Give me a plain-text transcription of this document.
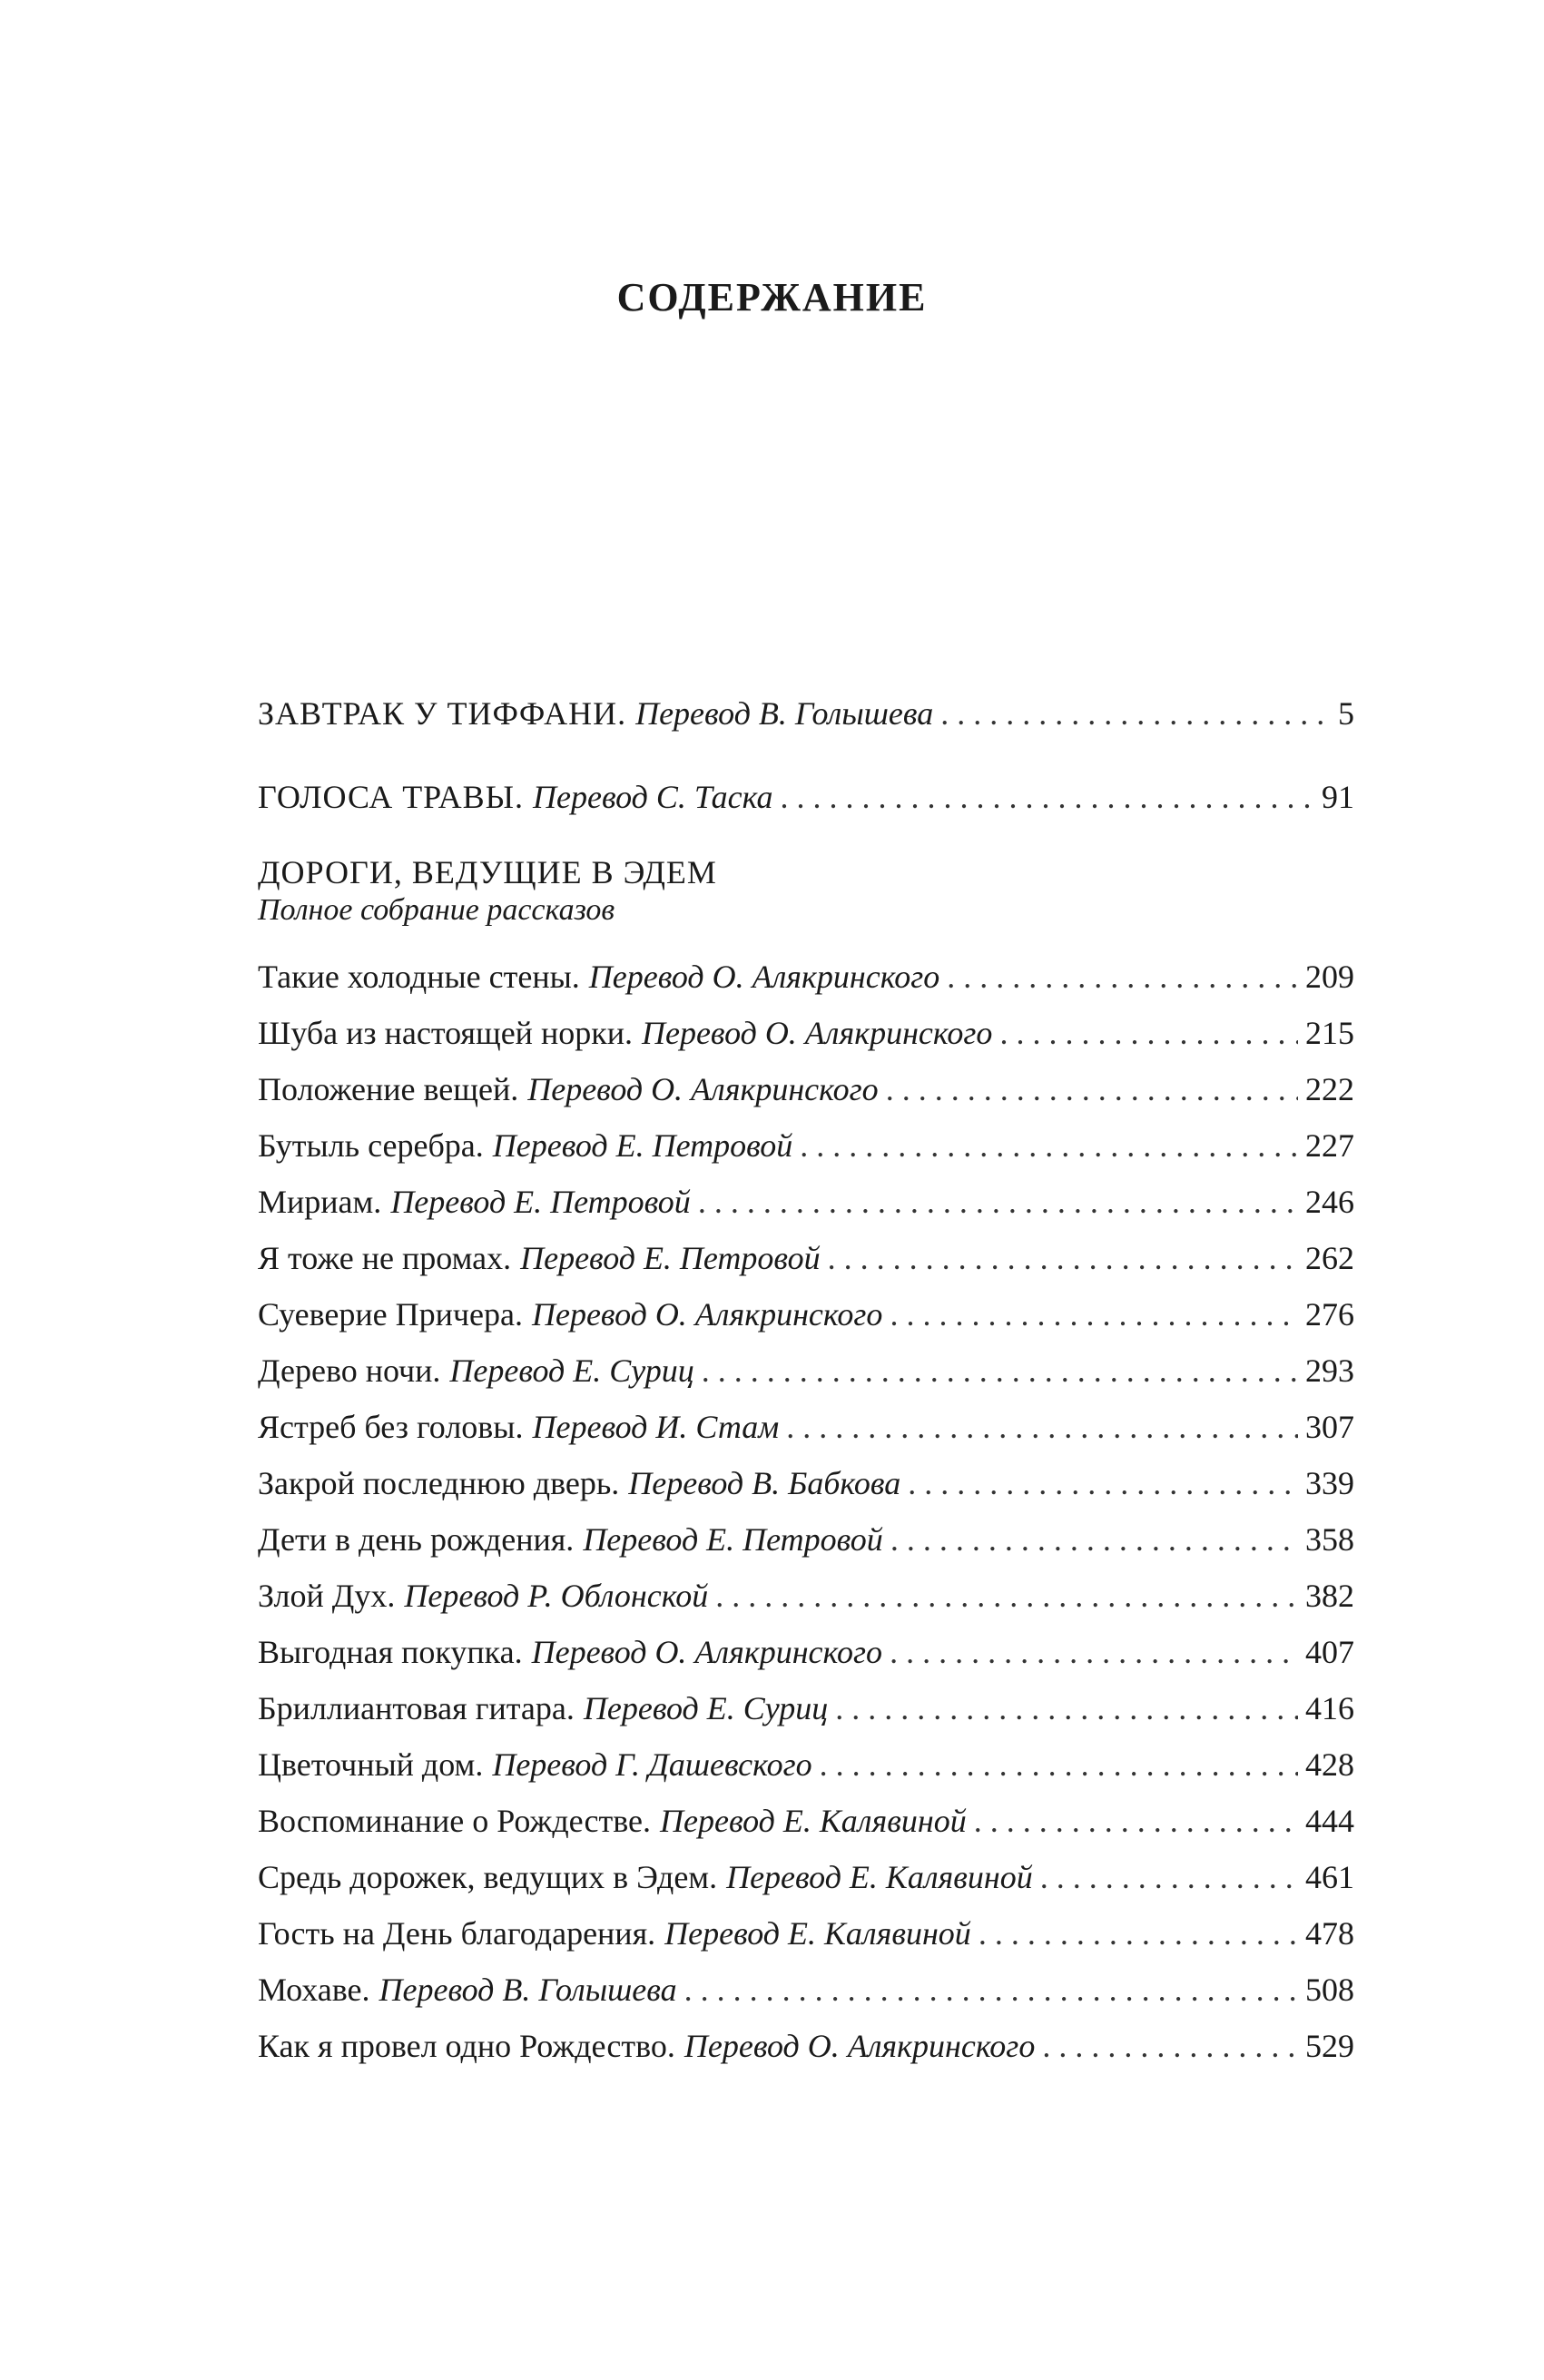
СОДЕРЖАНИЕ
ЗАВТРАК У ТИФФАНИ. Перевод В. Голышева . . .	5
ГОЛОСА ТРАВЫ. Перевод С. Таска . . .	91
ДОРОГИ, ВЕДУЩИЕ В ЭДЕМ
Полное собрание рассказов
Такие холодные стены. Перевод О. Алякринского . . .	209
Шуба из настоящей норки. Перевод О. Алякринского . . .	215
Положение вещей. Перевод О. Алякринского . . .	222
Бутыль серебра. Перевод Е. Петровой . . .	227
Мириам. Перевод Е. Петровой . . .	246
Я тоже не промах. Перевод Е. Петровой . . .	262
Суеверие Причера. Перевод О. Алякринского . . .	276
Дерево ночи. Перевод Е. Суриц . . .	293
Ястреб без головы. Перевод И. Стам . . .	307
Закрой последнюю дверь. Перевод В. Бабкова . . .	339
Дети в день рождения. Перевод Е. Петровой . . .	358
Злой Дух. Перевод Р. Облонской . . .	382
Выгодная покупка. Перевод О. Алякринского . . .	407
Бриллиантовая гитара. Перевод Е. Суриц . . .	416
Цветочный дом. Перевод Г. Дашевского . . .	428
Воспоминание о Рождестве. Перевод Е. Калявиной . . .	444
Средь дорожек, ведущих в Эдем. Перевод Е. Калявиной . . .	461
Гость на День благодарения. Перевод Е. Калявиной . . .	478
Мохаве. Перевод В. Голышева . . .	508
Как я провел одно Рождество. Перевод О. Алякринского . . .	529
